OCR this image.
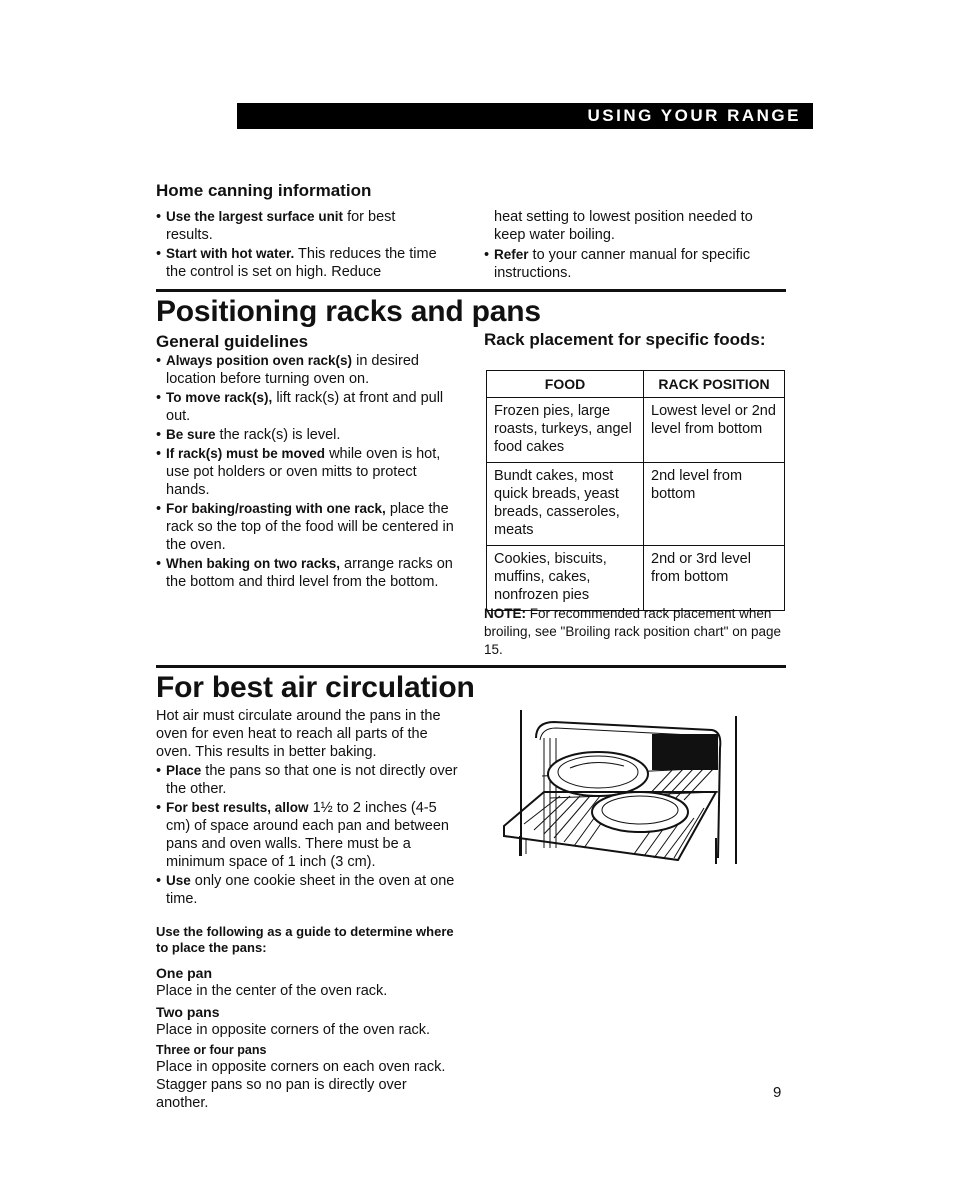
USING YOUR RANGE
Home canning information
• Use the largest surface unit for best results.
• Start with hot water. This reduces the time the control is set on high. Reduce
heat setting to lowest position needed to keep water boiling.
• Refer to your canner manual for specific instructions.
Positioning racks and pans
General guidelines
• Always position oven rack(s) in desired location before turning oven on.
• To move rack(s), lift rack(s) at front and pull out.
• Be sure the rack(s) is level.
• If rack(s) must be moved while oven is hot, use pot holders or oven mitts to protect hands.
• For baking/roasting with one rack, place the rack so the top of the food will be centered in the oven.
• When baking on two racks, arrange racks on the bottom and third level from the bottom.
Rack placement for specific foods:
FOOD	RACK POSITION
Frozen pies, large roasts, turkeys, angel food cakes	Lowest level or 2nd level from bottom
Bundt cakes, most quick breads, yeast breads, casseroles, meats	2nd level from bottom
Cookies, biscuits, muffins, cakes, nonfrozen pies	2nd or 3rd level from bottom
NOTE: For recommended rack placement when broiling, see "Broiling rack position chart" on page 15.
For best air circulation

Hot air must circulate around the pans in the oven for even heat to reach all parts of the oven. This results in better baking.

• Place the pans so that one is not directly over the other.
• For best results, allow 1½ to 2 inches (4-5 cm) of space around each pan and between pans and oven walls. There must be a minimum space of 1 inch (3 cm).
• Use only one cookie sheet in the oven at one time.

Use the following as a guide to determine where to place the pans:

One pan

Place in the center of the oven rack.

Two pans

Place in opposite corners of the oven rack.

Three or four pans

Place in opposite corners on each oven rack. Stagger pans so no pan is directly over another.

9
